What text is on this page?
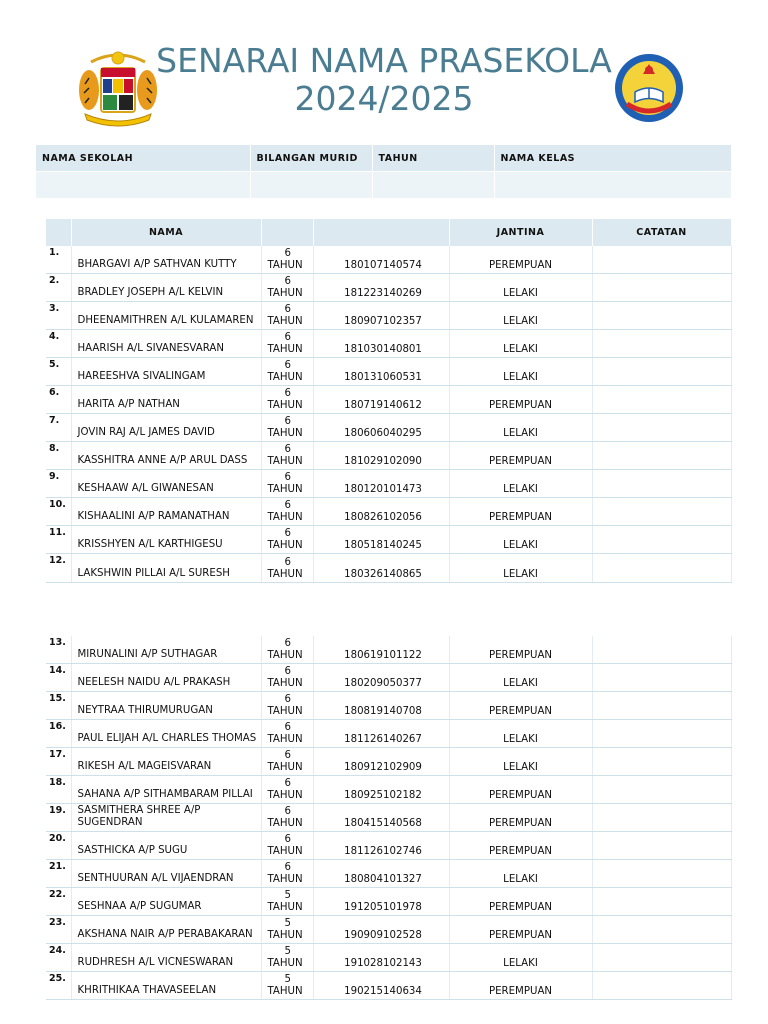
SENARAI NAMA PRASEKOLA
2024/2025
NAMA SEKOLAH	BILANGAN MURID	TAHUN	NAMA KELAS

	NAMA			JANTINA	CATATAN
1.	BHARGAVI A/P SATHVAN KUTTY	6
TAHUN	180107140574	PEREMPUAN	
2.	BRADLEY JOSEPH A/L KELVIN	6
TAHUN	181223140269	LELAKI	
3.	DHEENAMITHREN A/L KULAMAREN	6
TAHUN	180907102357	LELAKI	
4.	HAARISH A/L SIVANESVARAN	6
TAHUN	181030140801	LELAKI	
5.	HAREESHVA SIVALINGAM	6
TAHUN	180131060531	LELAKI	
6.	HARITA A/P NATHAN	6
TAHUN	180719140612	PEREMPUAN	
7.	JOVIN RAJ A/L JAMES DAVID	6
TAHUN	180606040295	LELAKI	
8.	KASSHITRA ANNE A/P ARUL DASS	6
TAHUN	181029102090	PEREMPUAN	
9.	KESHAAW A/L GIWANESAN	6
TAHUN	180120101473	LELAKI	
10.	KISHAALINI A/P RAMANATHAN	6
TAHUN	180826102056	PEREMPUAN	
11.	KRISSHYEN A/L KARTHIGESU	6
TAHUN	180518140245	LELAKI	
12.	LAKSHWIN PILLAI A/L SURESH	6
TAHUN	180326140865	LELAKI	
13.	MIRUNALINI A/P SUTHAGAR	6
TAHUN	180619101122	PEREMPUAN	
14.	NEELESH NAIDU A/L PRAKASH	6
TAHUN	180209050377	LELAKI	
15.	NEYTRAA THIRUMURUGAN	6
TAHUN	180819140708	PEREMPUAN	
16.	PAUL ELIJAH A/L CHARLES THOMAS	6
TAHUN	181126140267	LELAKI	
17.	RIKESH A/L MAGEISVARAN	6
TAHUN	180912102909	LELAKI	
18.	SAHANA A/P SITHAMBARAM PILLAI	6
TAHUN	180925102182	PEREMPUAN	
19.	SASMITHERA SHREE A/P SUGENDRAN	6
TAHUN	180415140568	PEREMPUAN	
20.	SASTHICKA A/P SUGU	6
TAHUN	181126102746	PEREMPUAN	
21.	SENTHUURAN A/L VIJAENDRAN	6
TAHUN	180804101327	LELAKI	
22.	SESHNAA A/P SUGUMAR	5
TAHUN	191205101978	PEREMPUAN	
23.	AKSHANA NAIR A/P PERABAKARAN	5
TAHUN	190909102528	PEREMPUAN	
24.	RUDHRESH A/L VICNESWARAN	5
TAHUN	191028102143	LELAKI	
25.	KHRITHIKAA THAVASEELAN	5
TAHUN	190215140634	PEREMPUAN	
